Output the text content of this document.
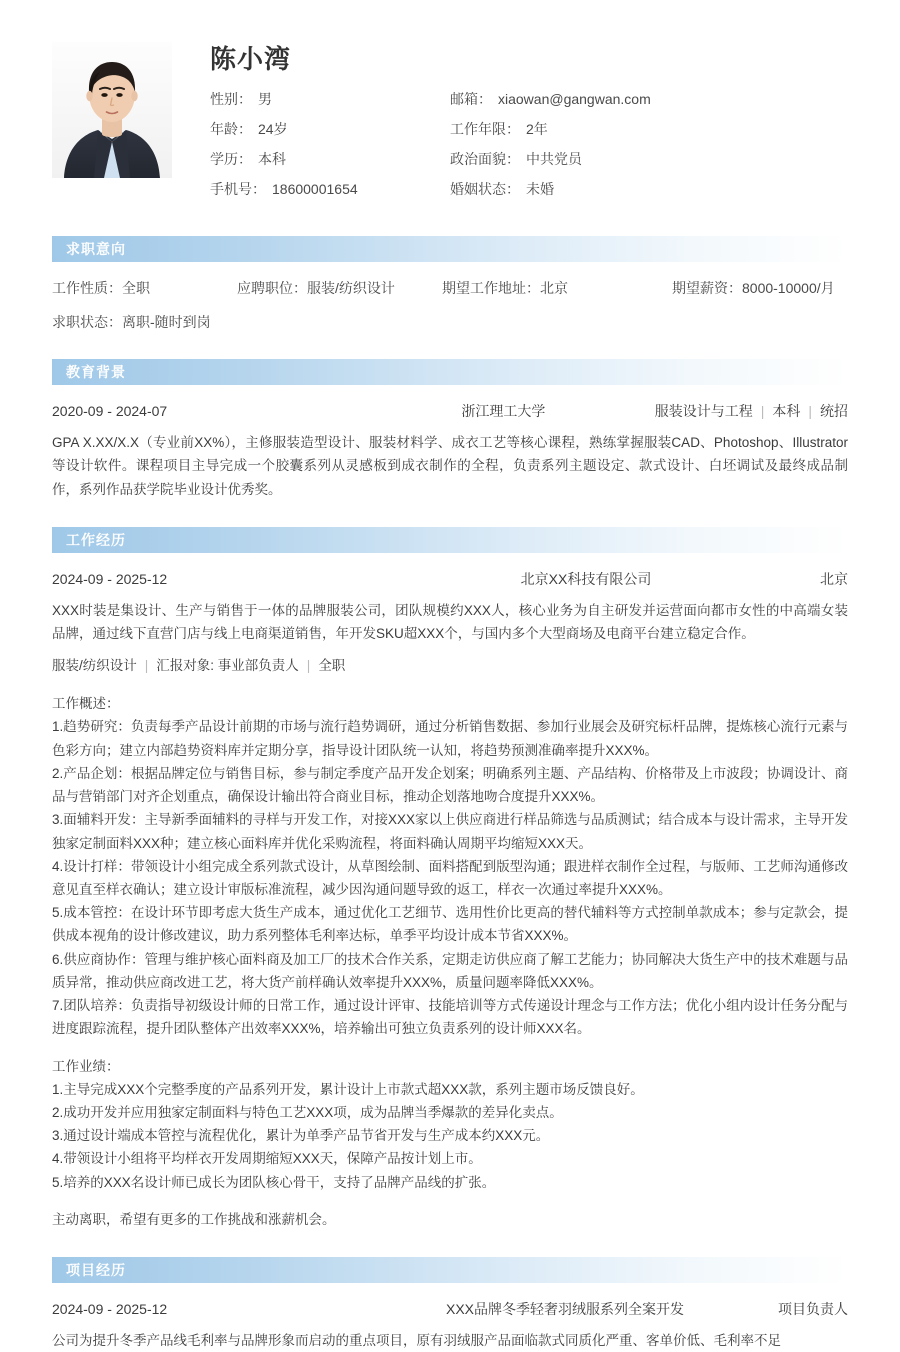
陈小湾
性别： 男	邮箱： xiaowan@gangwan.com
年龄： 24岁	工作年限： 2年
学历： 本科	政治面貌： 中共党员
手机号： 18600001654	婚姻状态： 未婚
求职意向
工作性质：全职	应聘职位：服装/纺织设计	期望工作地址：北京	期望薪资：8000-10000/月
求职状态：离职-随时到岗
教育背景
2020-09 - 2024-07	浙江理工大学	服装设计与工程 | 本科 | 统招
GPA X.XX/X.X（专业前XX%），主修服装造型设计、服装材料学、成衣工艺等核心课程，熟练掌握服装CAD、Photoshop、Illustrator等设计软件。课程项目主导完成一个胶囊系列从灵感板到成衣制作的全程，负责系列主题设定、款式设计、白坯调试及最终成品制作，系列作品获学院毕业设计优秀奖。
工作经历
2024-09 - 2025-12	北京XX科技有限公司	北京
XXX时装是集设计、生产与销售于一体的品牌服装公司，团队规模约XXX人，核心业务为自主研发并运营面向都市女性的中高端女装品牌，通过线下直营门店与线上电商渠道销售，年开发SKU超XXX个，与国内多个大型商场及电商平台建立稳定合作。
服装/纺织设计 | 汇报对象: 事业部负责人 | 全职
工作概述：

1.趋势研究：负责每季产品设计前期的市场与流行趋势调研，通过分析销售数据、参加行业展会及研究标杆品牌，提炼核心流行元素与色彩方向；建立内部趋势资料库并定期分享，指导设计团队统一认知，将趋势预测准确率提升XXX%。

2.产品企划：根据品牌定位与销售目标，参与制定季度产品开发企划案；明确系列主题、产品结构、价格带及上市波段；协调设计、商品与营销部门对齐企划重点，确保设计输出符合商业目标，推动企划落地吻合度提升XXX%。

3.面辅料开发：主导新季面辅料的寻样与开发工作，对接XXX家以上供应商进行样品筛选与品质测试；结合成本与设计需求，主导开发独家定制面料XXX种；建立核心面料库并优化采购流程，将面料确认周期平均缩短XXX天。

4.设计打样：带领设计小组完成全系列款式设计，从草图绘制、面料搭配到版型沟通；跟进样衣制作全过程，与版师、工艺师沟通修改意见直至样衣确认；建立设计审版标准流程，减少因沟通问题导致的返工，样衣一次通过率提升XXX%。

5.成本管控：在设计环节即考虑大货生产成本，通过优化工艺细节、选用性价比更高的替代辅料等方式控制单款成本；参与定款会，提供成本视角的设计修改建议，助力系列整体毛利率达标，单季平均设计成本节省XXX%。

6.供应商协作：管理与维护核心面料商及加工厂的技术合作关系，定期走访供应商了解工艺能力；协同解决大货生产中的技术难题与品质异常，推动供应商改进工艺，将大货产前样确认效率提升XXX%，质量问题率降低XXX%。

7.团队培养：负责指导初级设计师的日常工作，通过设计评审、技能培训等方式传递设计理念与工作方法；优化小组内设计任务分配与进度跟踪流程，提升团队整体产出效率XXX%，培养输出可独立负责系列的设计师XXX名。

工作业绩：

1.主导完成XXX个完整季度的产品系列开发，累计设计上市款式超XXX款，系列主题市场反馈良好。

2.成功开发并应用独家定制面料与特色工艺XXX项，成为品牌当季爆款的差异化卖点。

3.通过设计端成本管控与流程优化，累计为单季产品节省开发与生产成本约XXX元。

4.带领设计小组将平均样衣开发周期缩短XXX天，保障产品按计划上市。

5.培养的XXX名设计师已成长为团队核心骨干，支持了品牌产品线的扩张。

主动离职，希望有更多的工作挑战和涨薪机会。
项目经历
2024-09 - 2025-12	XXX品牌冬季轻奢羽绒服系列全案开发	项目负责人
公司为提升冬季产品线毛利率与品牌形象而启动的重点项目，原有羽绒服产品面临款式同质化严重、客单价低、毛利率不足
